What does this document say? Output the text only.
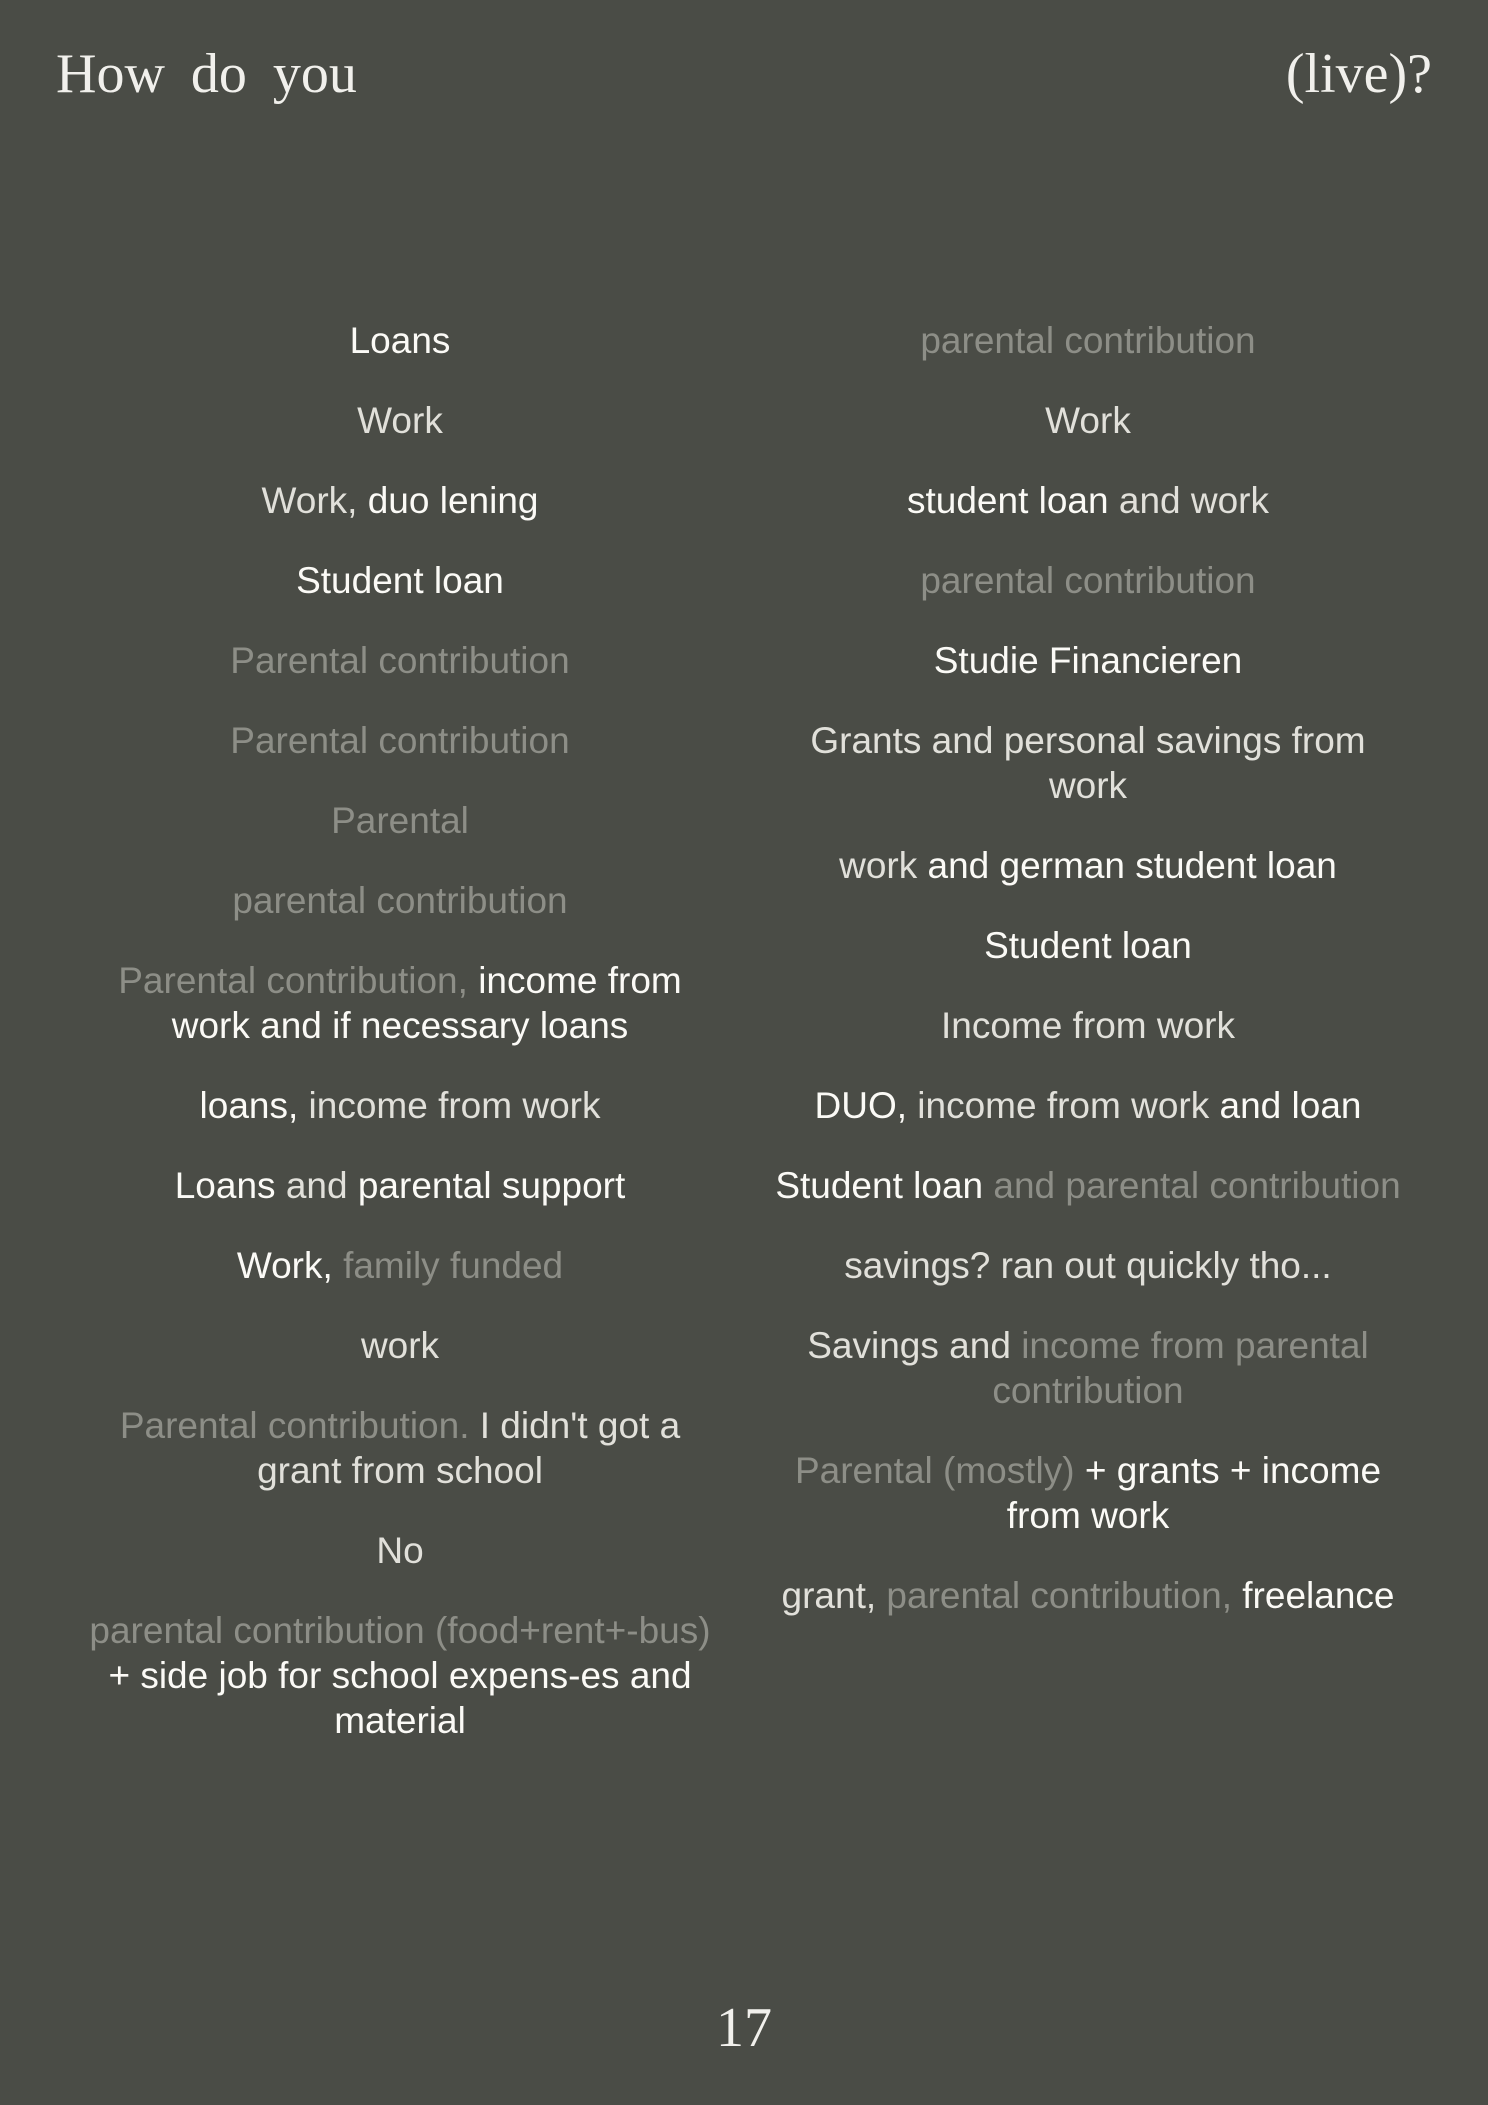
How do you	(live)?
Loans
Work
Work, duo lening
Student loan
Parental contribution
Parental contribution
Parental
parental contribution
Parental contribution, income from work and if necessary loans
loans, income from work
Loans and parental support
Work, family funded
work
Parental contribution. I didn't got a grant from school
No
parental contribution (food+rent+-bus) + side job for school expens-es and material
parental contribution
Work
student loan and work
parental contribution
Studie Financieren
Grants and personal savings from work
work and german student loan
Student loan
Income from work
DUO, income from work and loan
Student loan and parental contribution
savings? ran out quickly tho...
Savings and income from parental contribution
Parental (mostly) + grants + income from work
grant, parental contribution, freelance
17
